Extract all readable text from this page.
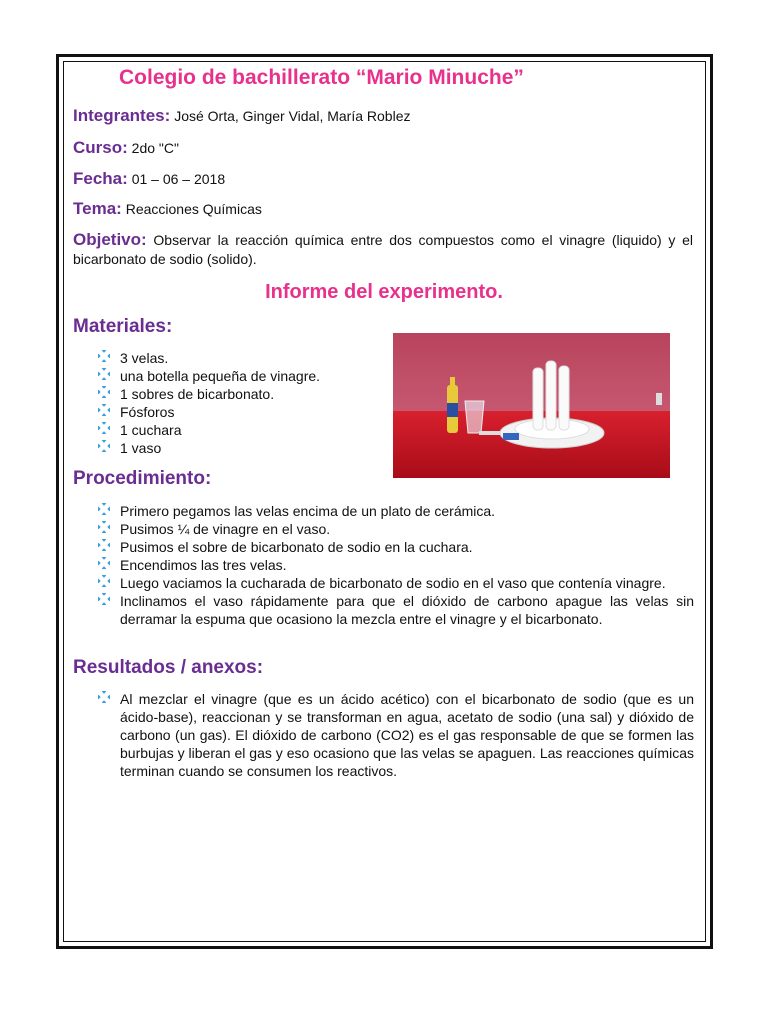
Colegio de bachillerato “Mario Minuche”
Integrantes: José Orta, Ginger Vidal, María Roblez
Curso: 2do "C"
Fecha: 01 – 06 – 2018
Tema: Reacciones Químicas
Objetivo: Observar la reacción química entre dos compuestos como el vinagre (liquido) y el bicarbonato de sodio (solido).
Informe del experimento.
Materiales:
3 velas.
una botella pequeña de vinagre.
1 sobres de bicarbonato.
Fósforos
1 cuchara
1 vaso
Procedimiento:
Primero pegamos las velas encima de un plato de cerámica.
Pusimos ¼ de vinagre en el vaso.
Pusimos el sobre de bicarbonato de sodio en la cuchara.
Encendimos las tres velas.
Luego vaciamos la cucharada de bicarbonato de sodio en el vaso que contenía vinagre.
Inclinamos el vaso rápidamente para que el dióxido de carbono apague las velas sin derramar la espuma que ocasiono la mezcla entre el vinagre y el bicarbonato.
Resultados / anexos:
Al mezclar el vinagre (que es un ácido acético) con el bicarbonato de sodio (que es un ácido-base), reaccionan y se transforman en agua, acetato de sodio (una sal) y dióxido de carbono (un gas). El dióxido de carbono (CO2) es el gas responsable de que se formen las burbujas y liberan el gas y eso ocasiono que las velas se apaguen. Las reacciones químicas terminan cuando se consumen los reactivos.
